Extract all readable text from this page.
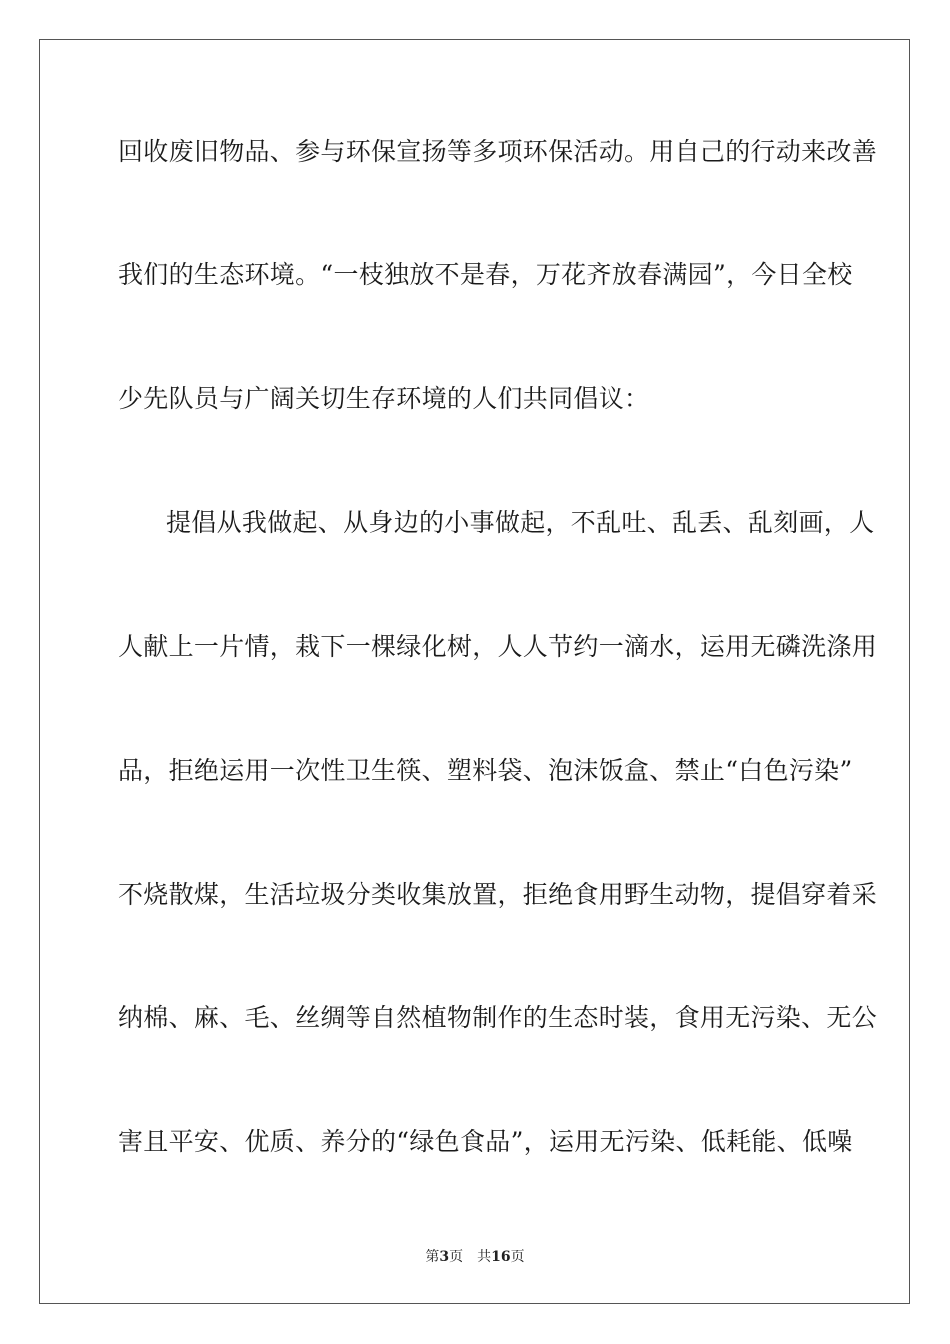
回收废旧物品、参与环保宣扬等多项环保活动。用自己的行动来改善
我们的生态环境。“一枝独放不是春，万花齐放春满园”，今日全校
少先队员与广阔关切生存环境的人们共同倡议：
提倡从我做起、从身边的小事做起，不乱吐、乱丢、乱刻画，人
人献上一片情，栽下一棵绿化树，人人节约一滴水，运用无磷洗涤用
品，拒绝运用一次性卫生筷、塑料袋、泡沫饭盒、禁止“白色污染”
不烧散煤，生活垃圾分类收集放置，拒绝食用野生动物，提倡穿着采
纳棉、麻、毛、丝绸等自然植物制作的生态时装，食用无污染、无公
害且平安、优质、养分的“绿色食品”，运用无污染、低耗能、低噪
第3页 共16页
